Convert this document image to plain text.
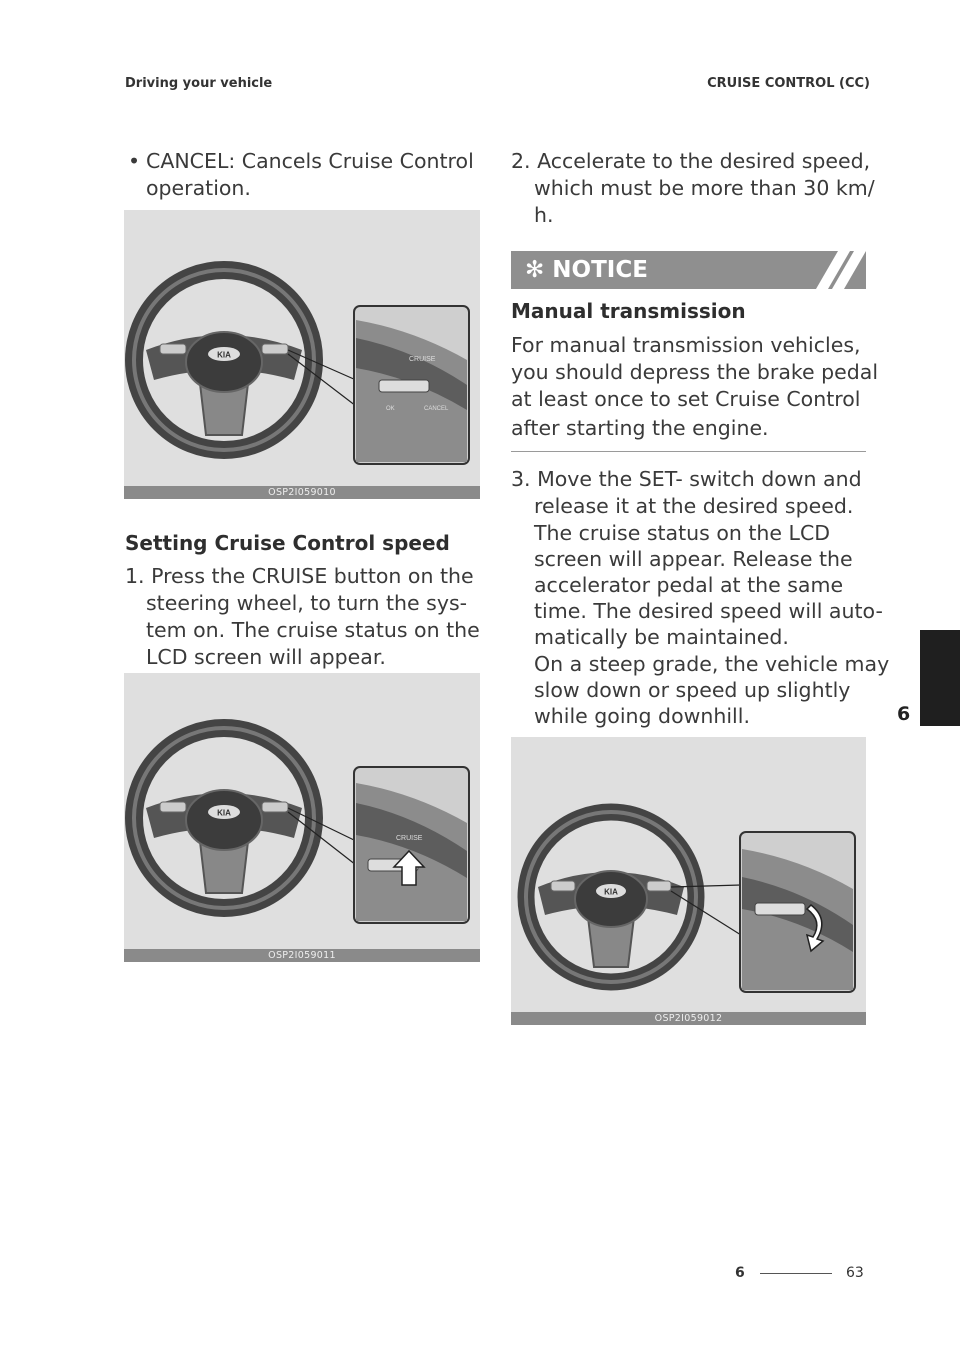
Driving your vehicle	CRUISE CONTROL (CC)
• CANCEL: Cancels Cruise Control
operation.
KIA	CRUISE
OK	CANCEL
OSP2I059010
Setting Cruise Control speed
1. Press the CRUISE button on the
steering wheel, to turn the sys-
tem on. The cruise status on the
LCD screen will appear.
KIA
CRUISE
OSP2I059011
2. Accelerate to the desired speed,
which must be more than 30 km/
h.
✻ NOTICE
Manual transmission
For manual transmission vehicles,
you should depress the brake pedal
at least once to set Cruise Control
after starting the engine.
3. Move the SET- switch down and
release it at the desired speed.
The cruise status on the LCD
screen will appear. Release the
accelerator pedal at the same
time. The desired speed will auto-
matically be maintained.
On a steep grade, the vehicle may
slow down or speed up slightly
while going downhill.
KIA
OSP2I059012
6
6	63
